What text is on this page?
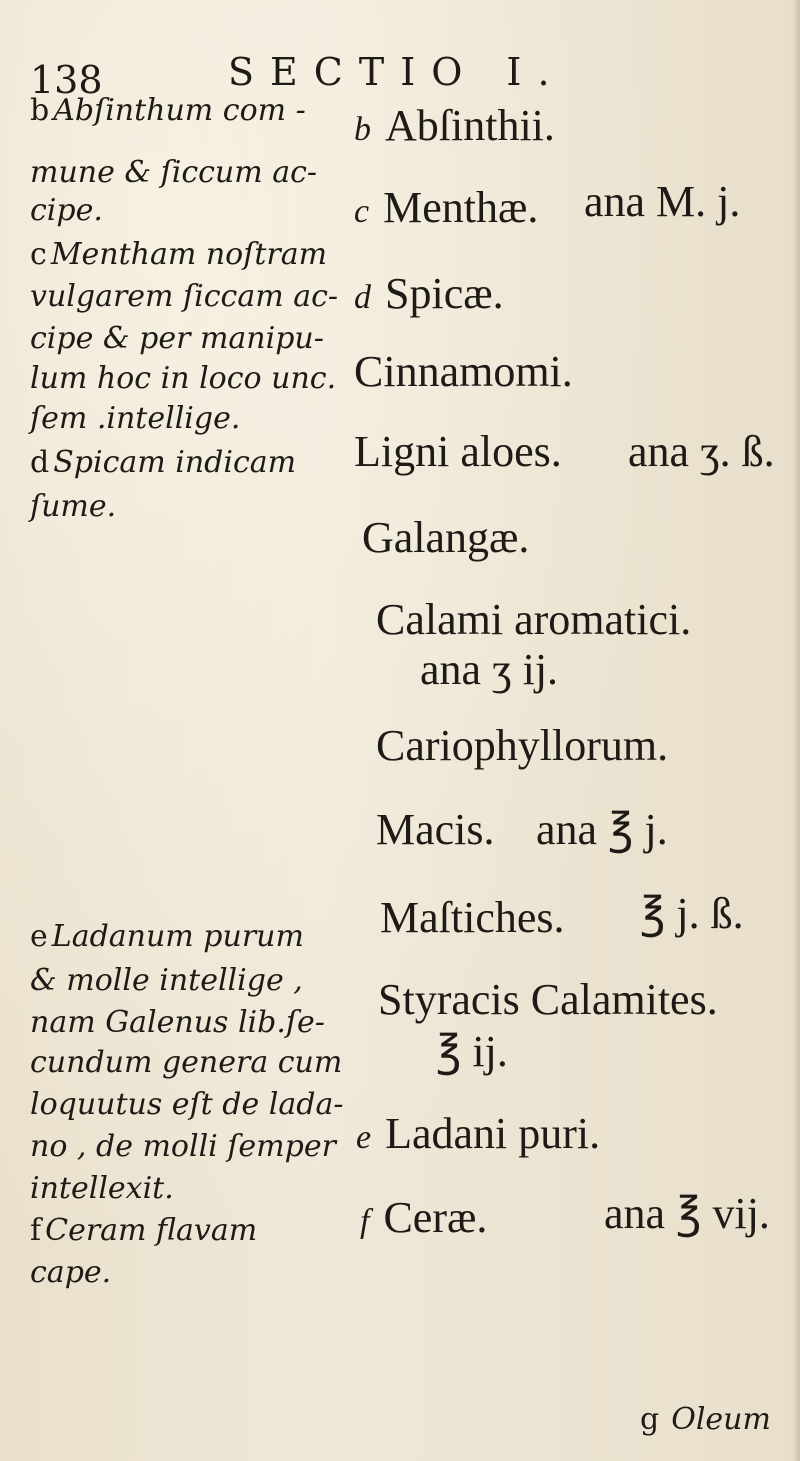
138	SECTIO I.
b Abſinthum com -
mune & ſiccum ac-
cipe.
c Mentham noſtram
vulgarem ſiccam ac-
cipe & per manipu-
lum hoc in loco unc.
ſem .intellige.
d Spicam indicam
ſume.
e Ladanum purum
& molle intellige ,
nam Galenus lib.ſe-
cundum genera cum
loquutus eſt de lada-
no , de molli ſemper
intellexit.
f Ceram flavam
cape.
b Abſinthii.
c Menthæ. ana M. j.
d Spicæ.
Cinnamomi.
Ligni aloes. ana ʒ. ß.
Galangæ.
Calami aromatici.
ana ʒ ij.
Cariophyllorum.
Macis. ana ℥ j.
Maſtiches. ℥ j. ß.
Styracis Calamites.
℥ ij.
e Ladani puri.
f Ceræ.	ana ℥ vij.
g Oleum
